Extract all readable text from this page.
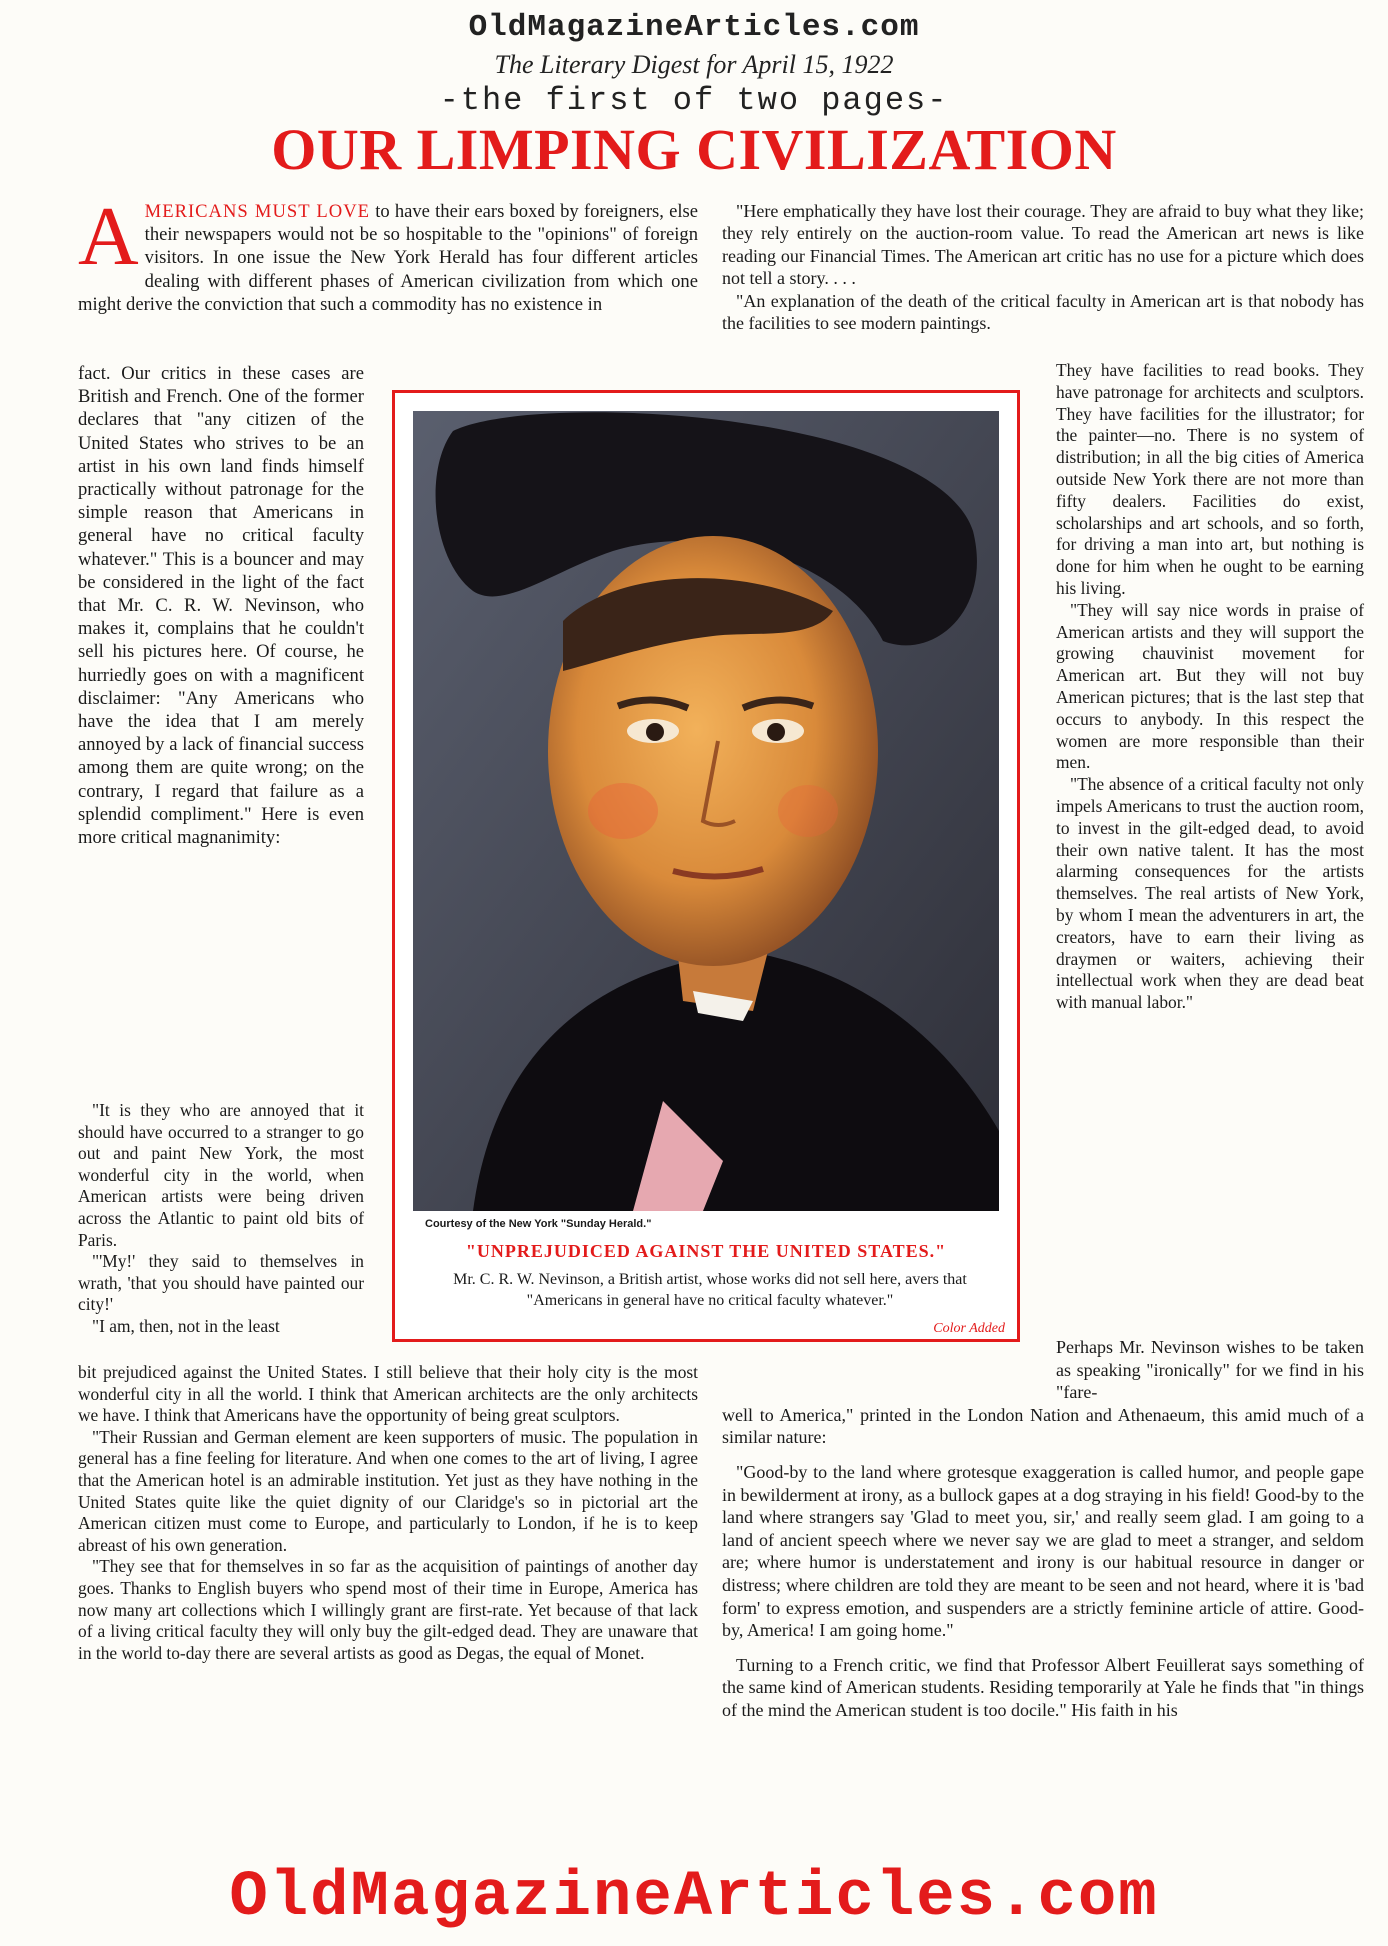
OldMagazineArticles.com
The Literary Digest for April 15, 1922
-the first of two pages-
OUR LIMPING CIVILIZATION

AMERICANS MUST LOVE to have their ears boxed by foreigners, else their newspapers would not be so hospitable to the "opinions" of foreign visitors. In one issue the New York Herald has four different articles dealing with different phases of American civilization from which one might derive the conviction that such a commodity has no existence in

fact. Our critics in these cases are British and French. One of the former declares that "any citizen of the United States who strives to be an artist in his own land finds himself practically without patronage for the simple reason that Americans in general have no critical faculty whatever." This is a bouncer and may be considered in the light of the fact that Mr. C. R. W. Nevinson, who makes it, complains that he couldn't sell his pictures here. Of course, he hurriedly goes on with a magnificent disclaimer: "Any Americans who have the idea that I am merely annoyed by a lack of financial success among them are quite wrong; on the contrary, I regard that failure as a splendid compliment." Here is even more critical magnanimity:

"It is they who are annoyed that it should have occurred to a stranger to go out and paint New York, the most wonderful city in the world, when American artists were being driven across the Atlantic to paint old bits of Paris.

"'My!' they said to themselves in wrath, 'that you should have painted our city!'

"I am, then, not in the least

bit prejudiced against the United States. I still believe that their holy city is the most wonderful city in all the world. I think that American architects are the only architects we have. I think that Americans have the opportunity of being great sculptors.

"Their Russian and German element are keen supporters of music. The population in general has a fine feeling for literature. And when one comes to the art of living, I agree that the American hotel is an admirable institution. Yet just as they have nothing in the United States quite like the quiet dignity of our Claridge's so in pictorial art the American citizen must come to Europe, and particularly to London, if he is to keep abreast of his own generation.

"They see that for themselves in so far as the acquisition of paintings of another day goes. Thanks to English buyers who spend most of their time in Europe, America has now many art collections which I willingly grant are first-rate. Yet because of that lack of a living critical faculty they will only buy the gilt-edged dead. They are unaware that in the world to-day there are several artists as good as Degas, the equal of Monet.

"Here emphatically they have lost their courage. They are afraid to buy what they like; they rely entirely on the auction-room value. To read the American art news is like reading our Financial Times. The American art critic has no use for a picture which does not tell a story. . . .

"An explanation of the death of the critical faculty in American art is that nobody has the facilities to see modern paintings.

They have facilities to read books. They have patronage for architects and sculptors. They have facilities for the illustrator; for the painter—no. There is no system of distribution; in all the big cities of America outside New York there are not more than fifty dealers. Facilities do exist, scholarships and art schools, and so forth, for driving a man into art, but nothing is done for him when he ought to be earning his living.

"They will say nice words in praise of American artists and they will support the growing chauvinist movement for American art. But they will not buy American pictures; that is the last step that occurs to anybody. In this respect the women are more responsible than their men.

"The absence of a critical faculty not only impels Americans to trust the auction room, to invest in the gilt-edged dead, to avoid their own native talent. It has the most alarming consequences for the artists themselves. The real artists of New York, by whom I mean the adventurers in art, the creators, have to earn their living as draymen or waiters, achieving their intellectual work when they are dead beat with manual labor."

Perhaps Mr. Nevinson wishes to be taken as speaking "ironically" for we find in his "fare-

well to America," printed in the London Nation and Athenaeum, this amid much of a similar nature:

"Good-by to the land where grotesque exaggeration is called humor, and people gape in bewilderment at irony, as a bullock gapes at a dog straying in his field! Good-by to the land where strangers say 'Glad to meet you, sir,' and really seem glad. I am going to a land of ancient speech where we never say we are glad to meet a stranger, and seldom are; where humor is understatement and irony is our habitual resource in danger or distress; where children are told they are meant to be seen and not heard, where it is 'bad form' to express emotion, and suspenders are a strictly feminine article of attire. Good-by, America! I am going home."

Turning to a French critic, we find that Professor Albert Feuillerat says something of the same kind of American students. Residing temporarily at Yale he finds that "in things of the mind the American student is too docile." His faith in his

Courtesy of the New York "Sunday Herald."
"UNPREJUDICED AGAINST THE UNITED STATES."
Mr. C. R. W. Nevinson, a British artist, whose works did not sell here, avers that "Americans in general have no critical faculty whatever."
Color Added
OldMagazineArticles.com
